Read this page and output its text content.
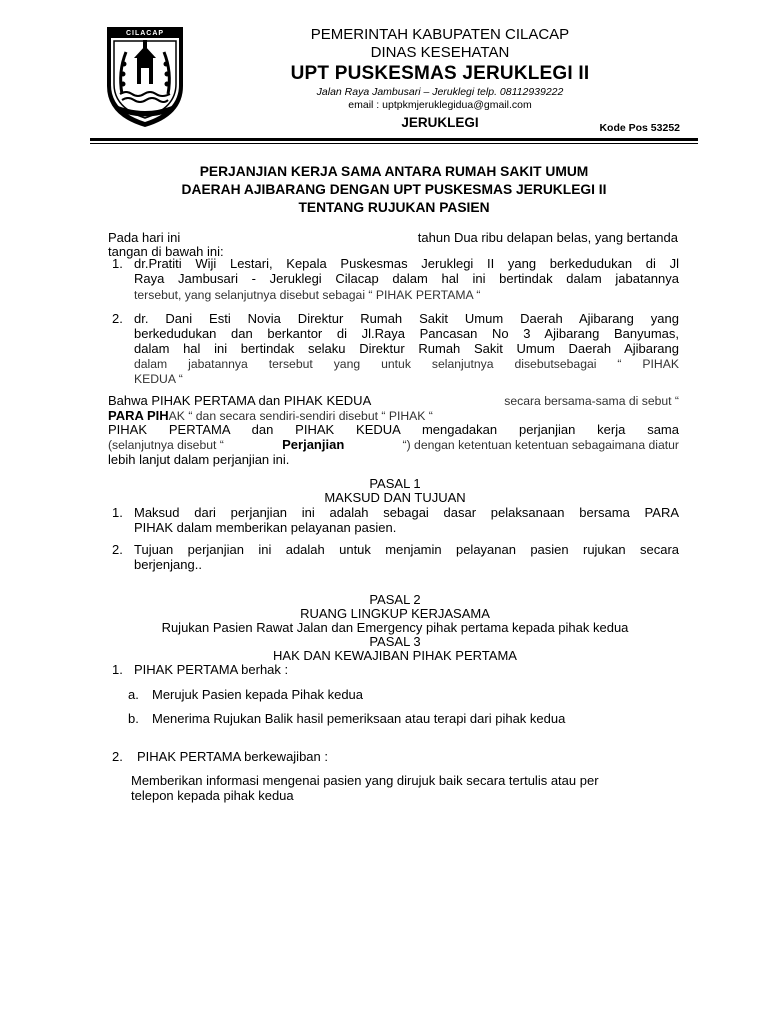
CILACAP	PEMERINTAH KABUPATEN CILACAP
DINAS KESEHATAN
UPT PUSKESMAS JERUKLEGI II
Jalan Raya Jambusari – Jeruklegi telp. 08112939222
email : uptpkmjeruklegidua@gmail.com
JERUKLEGI	Kode Pos 53252
PERJANJIAN KERJA SAMA ANTARA RUMAH SAKIT UMUM
DAERAH AJIBARANG DENGAN UPT PUSKESMAS JERUKLEGI II
TENTANG RUJUKAN PASIEN
Pada hari ini	tahun Dua ribu delapan belas, yang bertanda
tangan di bawah ini:
1. dr.Pratiti Wiji Lestari, Kepala Puskesmas Jeruklegi II yang berkedudukan di Jl
Raya Jambusari - Jeruklegi Cilacap dalam hal ini bertindak dalam jabatannya
tersebut, yang selanjutnya disebut sebagai “ PIHAK PERTAMA “
2. dr. Dani Esti Novia Direktur Rumah Sakit Umum Daerah Ajibarang yang
berkedudukan dan berkantor di Jl.Raya Pancasan No 3 Ajibarang Banyumas,
dalam hal ini bertindak selaku Direktur Rumah Sakit Umum Daerah Ajibarang
dalam jabatannya tersebut yang untuk selanjutnya disebutsebagai “ PIHAK
KEDUA “
Bahwa PIHAK PERTAMA dan PIHAK KEDUA	secara bersama-sama di sebut “
PARA PIHAK “ dan secara sendiri-sendiri disebut “ PIHAK “
PIHAK PERTAMA dan PIHAK KEDUA mengadakan perjanjian kerja sama
(selanjutnya disebut “	Perjanjian	“) dengan ketentuan ketentuan sebagaimana diatur
lebih lanjut dalam perjanjian ini.
PASAL 1
MAKSUD DAN TUJUAN
1. Maksud dari perjanjian ini adalah sebagai dasar pelaksanaan bersama PARA
PIHAK dalam memberikan pelayanan pasien.
2. Tujuan perjanjian ini adalah untuk menjamin pelayanan pasien rujukan secara
berjenjang..
PASAL 2
RUANG LINGKUP KERJASAMA
Rujukan Pasien Rawat Jalan dan Emergency pihak pertama kepada pihak kedua
PASAL 3
HAK DAN KEWAJIBAN PIHAK PERTAMA
1. PIHAK PERTAMA berhak :
a. Merujuk Pasien kepada Pihak kedua
b. Menerima Rujukan Balik hasil pemeriksaan atau terapi dari pihak kedua
2. PIHAK PERTAMA berkewajiban :
Memberikan informasi mengenai pasien yang dirujuk baik secara tertulis atau per
telepon kepada pihak kedua
